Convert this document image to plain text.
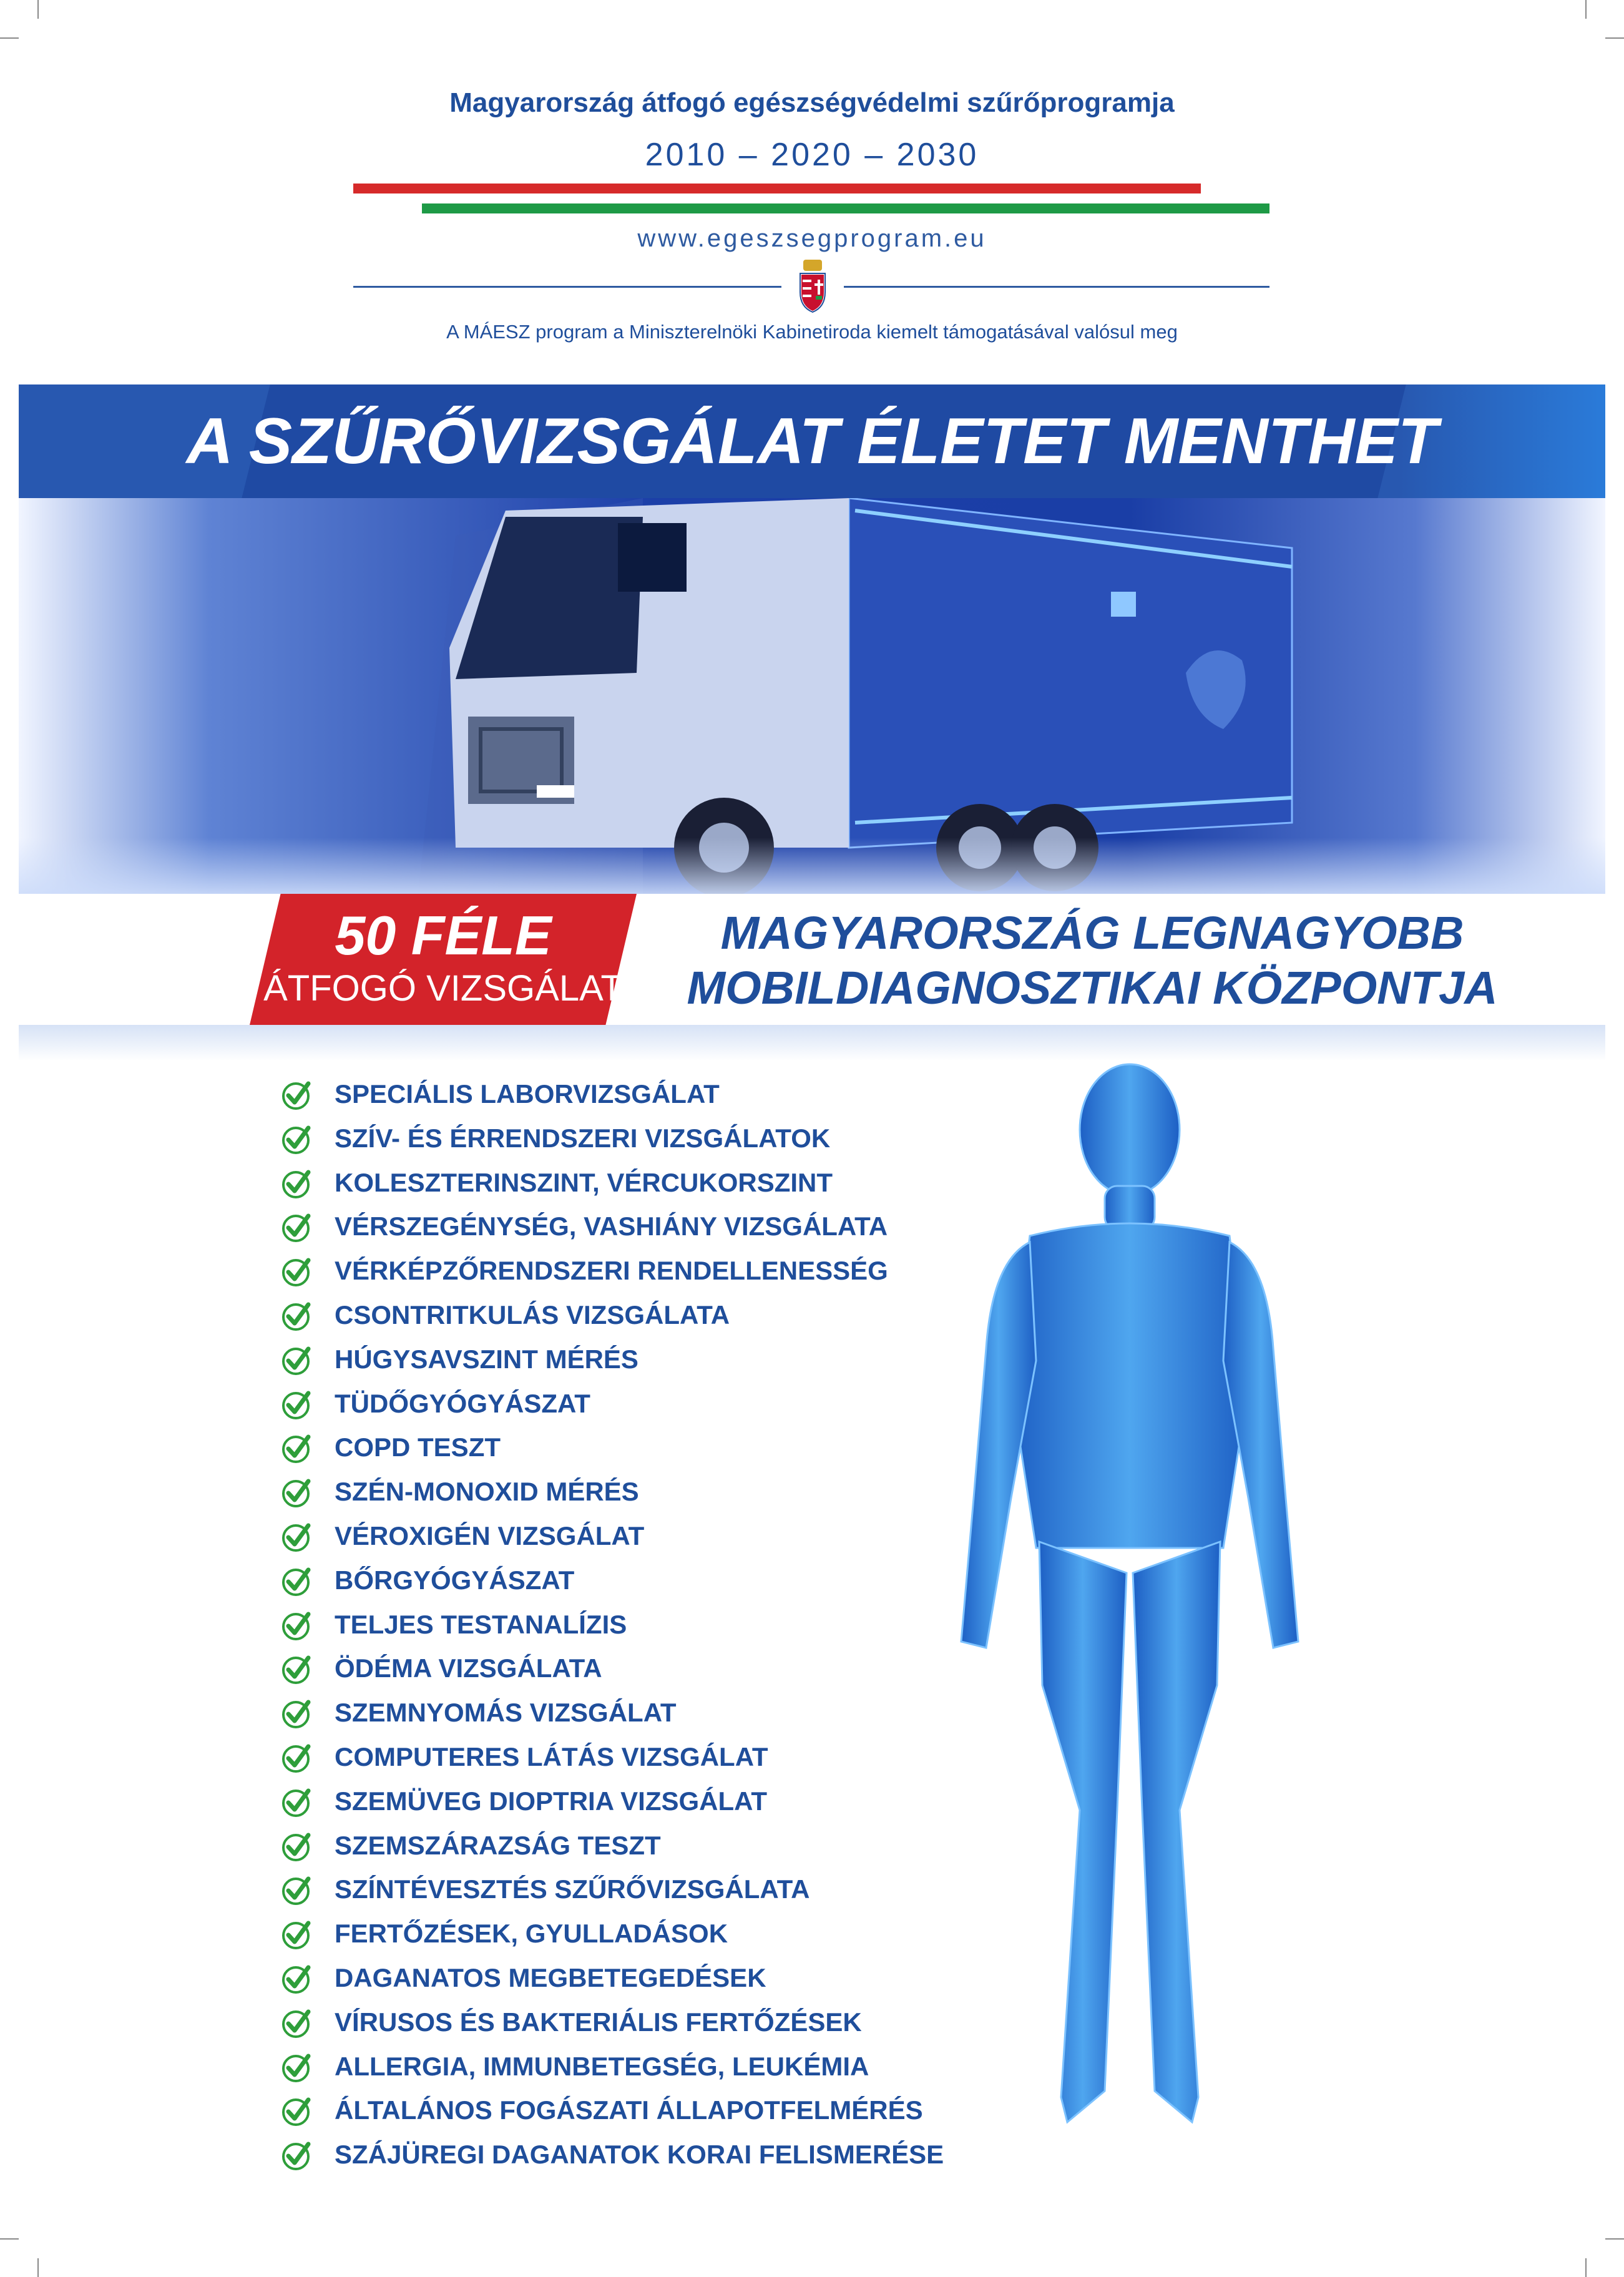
Magyarország átfogó egészségvédelmi szűrőprogramja
2010 – 2020 – 2030
www.egeszsegprogram.eu
A MÁESZ program a Miniszterelnöki Kabinetiroda kiemelt támogatásával valósul meg
A SZŰRŐVIZSGÁLAT ÉLETET MENTHET
50 FÉLE
ÁTFOGÓ VIZSGÁLAT
MAGYARORSZÁG LEGNAGYOBB
MOBILDIAGNOSZTIKAI KÖZPONTJA
SPECIÁLIS LABORVIZSGÁLAT
SZÍV- ÉS ÉRRENDSZERI VIZSGÁLATOK
KOLESZTERINSZINT, VÉRCUKORSZINT
VÉRSZEGÉNYSÉG, VASHIÁNY VIZSGÁLATA
VÉRKÉPZŐRENDSZERI RENDELLENESSÉG
CSONTRITKULÁS VIZSGÁLATA
HÚGYSAVSZINT MÉRÉS
TÜDŐGYÓGYÁSZAT
COPD TESZT
SZÉN-MONOXID MÉRÉS
VÉROXIGÉN VIZSGÁLAT
BŐRGYÓGYÁSZAT
TELJES TESTANALÍZIS
ÖDÉMA VIZSGÁLATA
SZEMNYOMÁS VIZSGÁLAT
COMPUTERES LÁTÁS VIZSGÁLAT
SZEMÜVEG DIOPTRIA VIZSGÁLAT
SZEMSZÁRAZSÁG TESZT
SZÍNTÉVESZTÉS SZŰRŐVIZSGÁLATA
FERTŐZÉSEK, GYULLADÁSOK
DAGANATOS MEGBETEGEDÉSEK
VÍRUSOS ÉS BAKTERIÁLIS FERTŐZÉSEK
ALLERGIA, IMMUNBETEGSÉG, LEUKÉMIA
ÁLTALÁNOS FOGÁSZATI ÁLLAPOTFELMÉRÉS
SZÁJÜREGI DAGANATOK KORAI FELISMERÉSE
